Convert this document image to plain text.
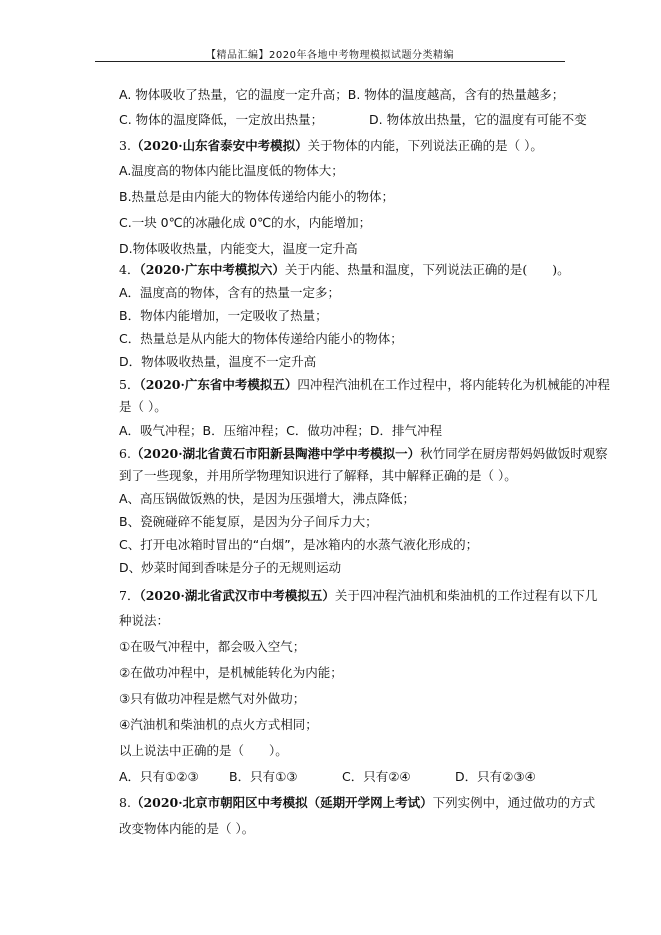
【精品汇编】2020年各地中考物理模拟试题分类精编
A. 物体吸收了热量，它的温度一定升高；B. 物体的温度越高，含有的热量越多；
C. 物体的温度降低，一定放出热量；	D. 物体放出热量，它的温度有可能不变
3.（2020·山东省泰安中考模拟）关于物体的内能，下列说法正确的是（ ）。
A.温度高的物体内能比温度低的物体大；
B.热量总是由内能大的物体传递给内能小的物体；
C.一块 0℃的冰融化成 0℃的水，内能增加；
D.物体吸收热量，内能变大，温度一定升高
4．（2020·广东中考模拟六）关于内能、热量和温度，下列说法正确的是(　　)。
A．温度高的物体，含有的热量一定多；
B．物体内能增加，一定吸收了热量；
C．热量总是从内能大的物体传递给内能小的物体；
D．物体吸收热量，温度不一定升高
5．（2020·广东省中考模拟五）四冲程汽油机在工作过程中，将内能转化为机械能的冲程
是（ ）。
A．吸气冲程；B．压缩冲程；C．做功冲程；D．排气冲程
6.（2020·湖北省黄石市阳新县陶港中学中考模拟一）秋竹同学在厨房帮妈妈做饭时观察
到了一些现象，并用所学物理知识进行了解释，其中解释正确的是（ ）。
A、高压锅做饭熟的快，是因为压强增大，沸点降低；
B、瓷碗碰碎不能复原，是因为分子间斥力大；
C、打开电冰箱时冒出的“白烟”，是冰箱内的水蒸气液化形成的；
D、炒菜时闻到香味是分子的无规则运动
7．（2020·湖北省武汉市中考模拟五）关于四冲程汽油机和柴油机的工作过程有以下几
种说法：
①在吸气冲程中，都会吸入空气；
②在做功冲程中，是机械能转化为内能；
③只有做功冲程是燃气对外做功；
④汽油机和柴油机的点火方式相同；
以上说法中正确的是（　　）。
A．只有①②③ B．只有①③	C．只有②④	D．只有②③④
8.（2020·北京市朝阳区中考模拟（延期开学网上考试）下列实例中，通过做功的方式
改变物体内能的是（ ）。
